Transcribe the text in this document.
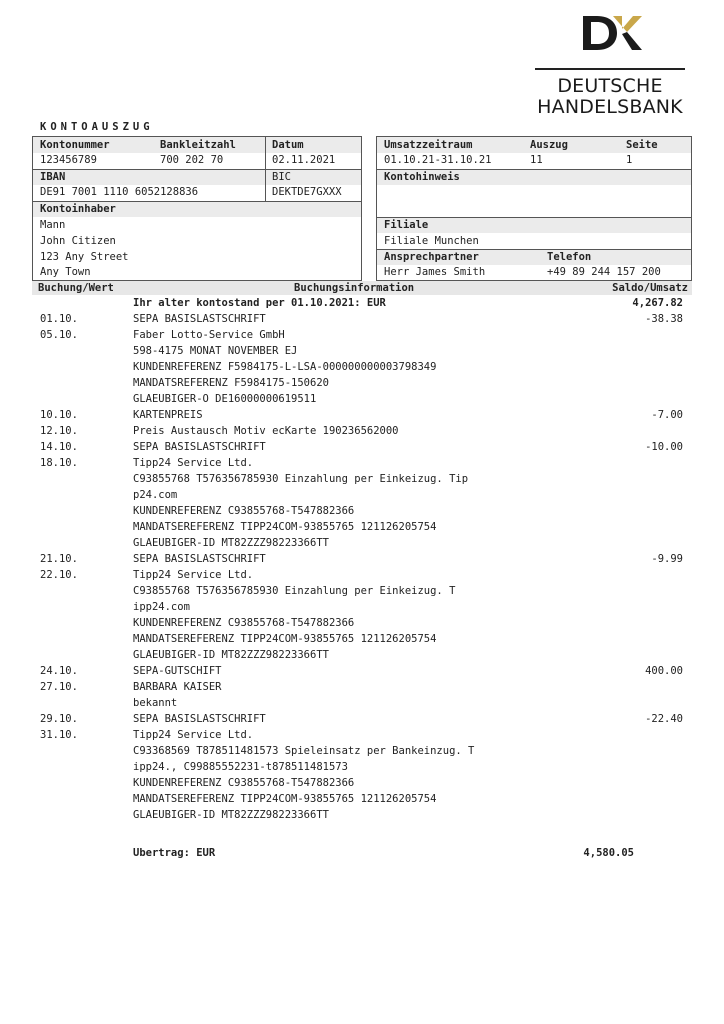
DEUTSCHE
HANDELSBANK
KONTOAUSZUG
Kontonummer	Bankleitzahl	Datum
123456789	700 202 70	02.11.2021
IBAN	BIC
DE91 7001 1110 6052128836	DEKTDE7GXXX
Kontoinhaber
Mann
John Citizen
123 Any Street
Any Town
Umsatzzeitraum	Auszug	Seite
01.10.21-31.10.21	11	1
Kontohinweis
Filiale
Filiale Munchen
Ansprechpartner	Telefon
Herr James Smith	+49 89 244 157 200
Buchung/Wert	Buchungsinformation	Saldo/Umsatz
Ihr alter kontostand per 01.10.2021: EUR	4,267.82
01.10.	SEPA BASISLASTSCHRIFT	-38.38
05.10.	Faber Lotto-Service GmbH
598-4175 MONAT NOVEMBER EJ
KUNDENREFERENZ F5984175-L-LSA-000000000003798349
MANDATSREFERENZ F5984175-150620
GLAEUBIGER-O DE16000000619511
10.10.	KARTENPREIS	-7.00
12.10.	Preis Austausch Motiv ecKarte 190236562000
14.10.	SEPA BASISLASTSCHRIFT	-10.00
18.10.	Tipp24 Service Ltd.
C93855768 T576356785930 Einzahlung per Einkeizug. Tip
p24.com
KUNDENREFERENZ C93855768-T547882366
MANDATSEREFERENZ TIPP24COM-93855765 121126205754
GLAEUBIGER-ID MT82ZZZ98223366TT
21.10.	SEPA BASISLASTSCHRIFT	-9.99
22.10.	Tipp24 Service Ltd.
C93855768 T576356785930 Einzahlung per Einkeizug. T
ipp24.com
KUNDENREFERENZ C93855768-T547882366
MANDATSEREFERENZ TIPP24COM-93855765 121126205754
GLAEUBIGER-ID MT82ZZZ98223366TT
24.10.	SEPA-GUTSCHIFT	400.00
27.10.	BARBARA KAISER
bekannt
29.10.	SEPA BASISLASTSCHRIFT	-22.40
31.10.	Tipp24 Service Ltd.
C93368569 T878511481573 Spieleinsatz per Bankeinzug. T
ipp24., C99885552231-t878511481573
KUNDENREFERENZ C93855768-T547882366
MANDATSEREFERENZ TIPP24COM-93855765 121126205754
GLAEUBIGER-ID MT82ZZZ98223366TT
Ubertrag: EUR	4,580.05
